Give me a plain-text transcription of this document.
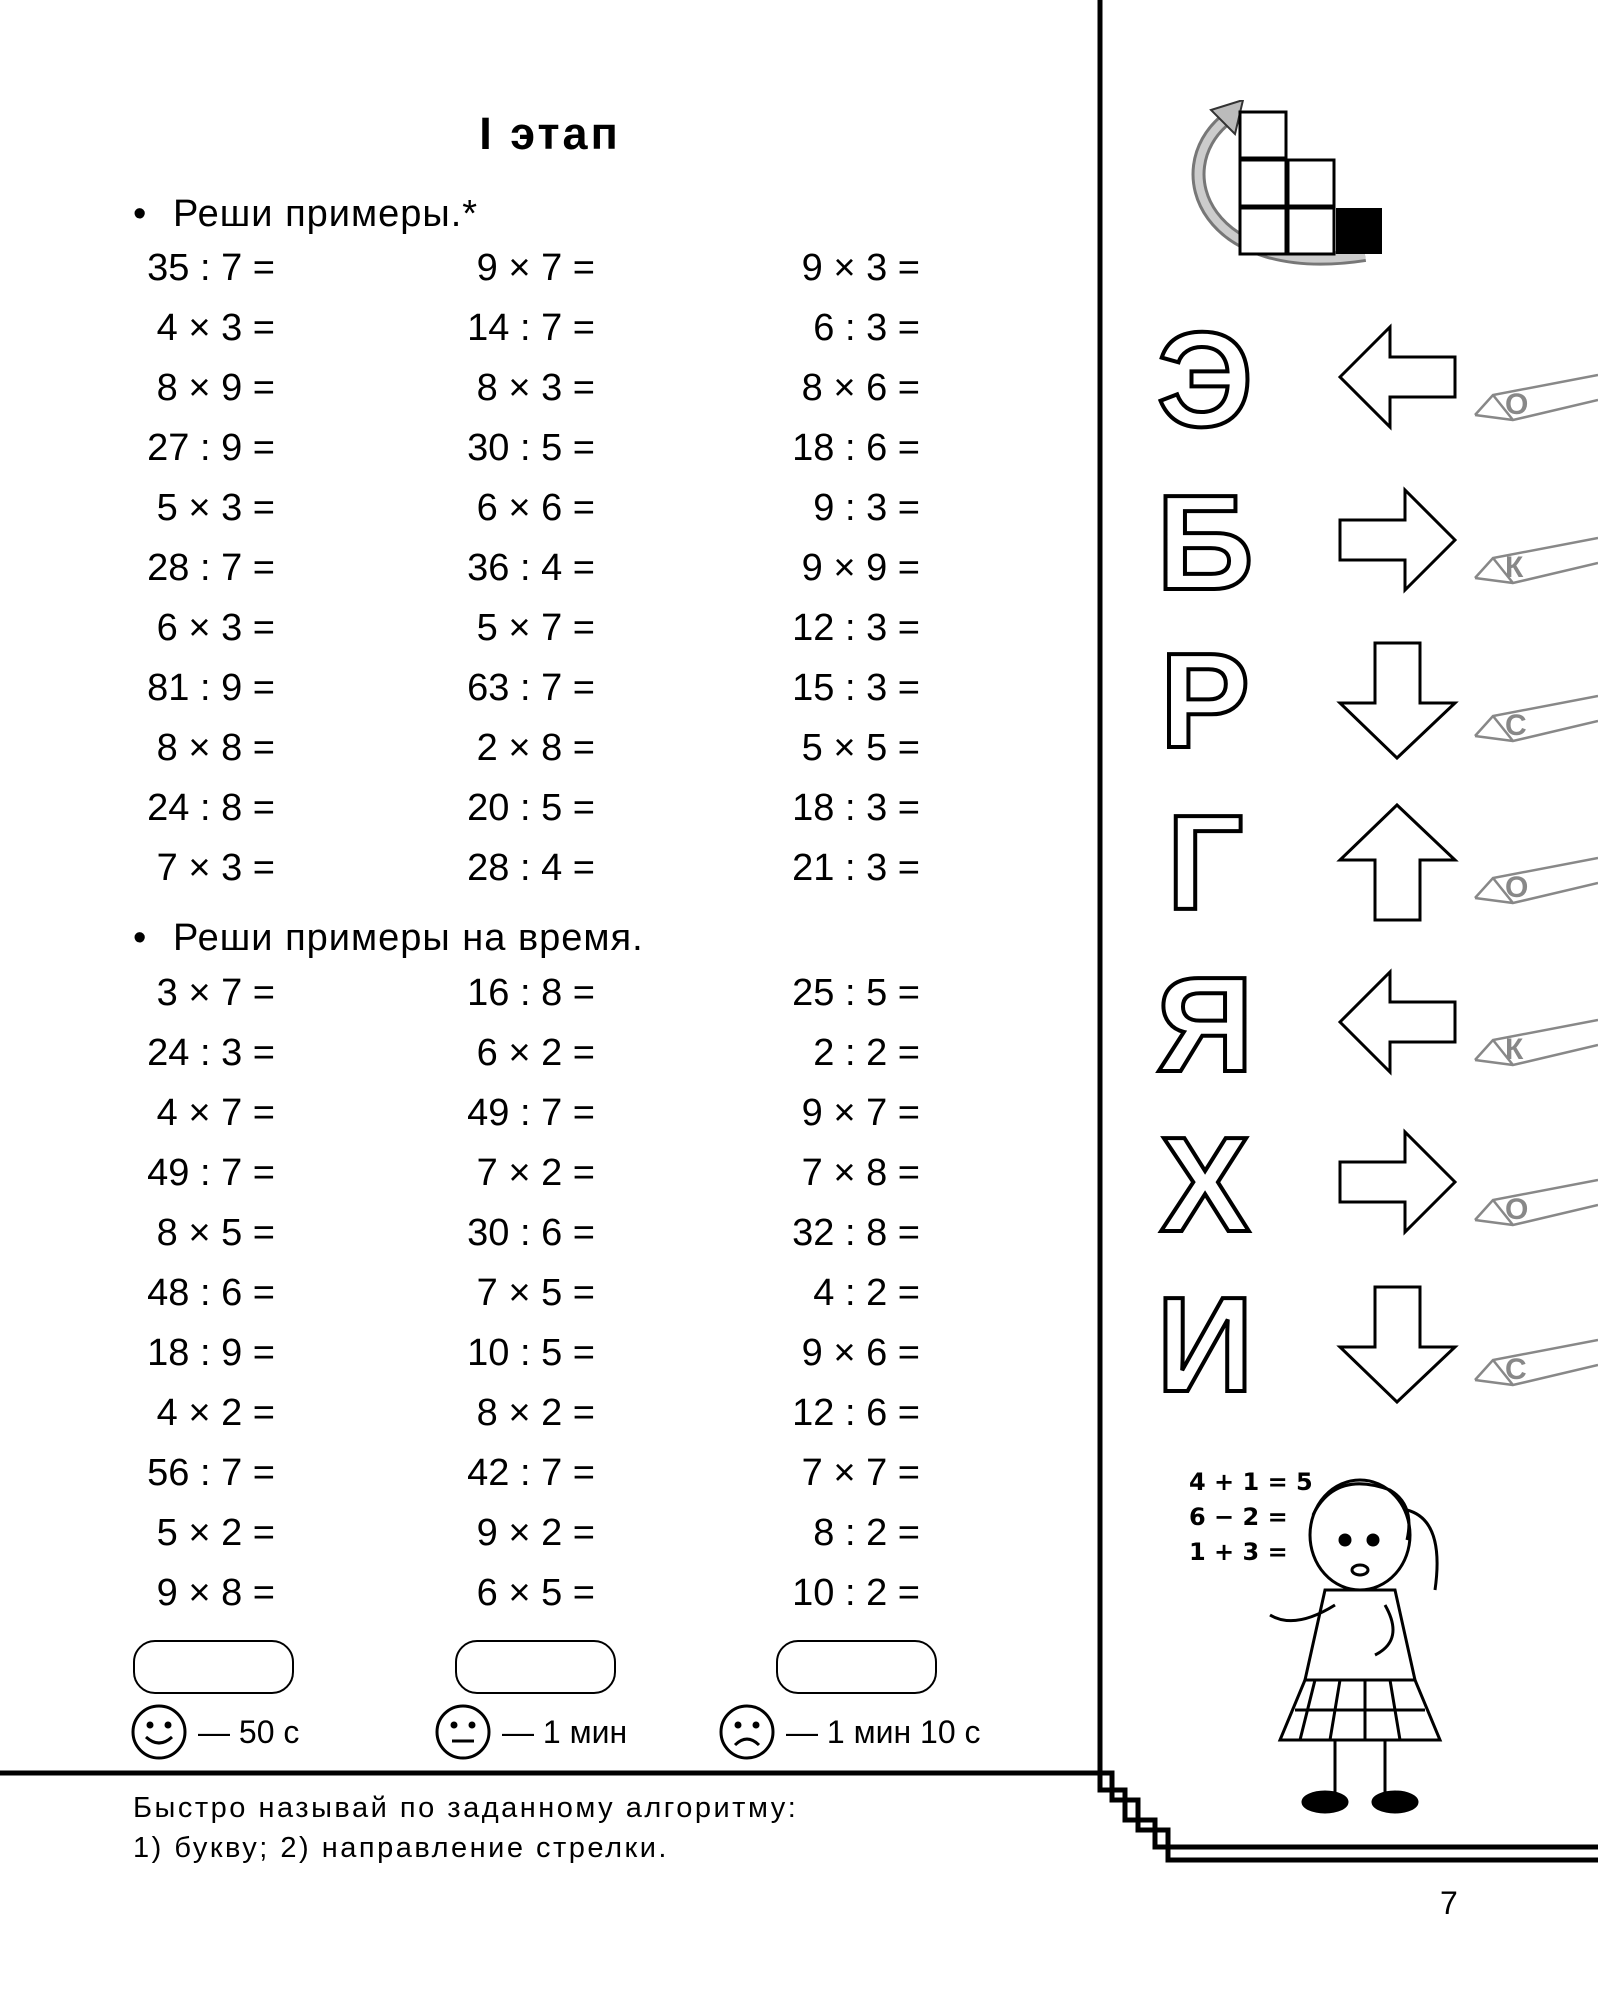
I этап
• Реши примеры.*
35 : 7 =	9 × 7 =	9 × 3 =
4 × 3 =	14 : 7 =	6 : 3 =
8 × 9 =	8 × 3 =	8 × 6 =
27 : 9 =	30 : 5 =	18 : 6 =
5 × 3 =	6 × 6 =	9 : 3 =
28 : 7 =	36 : 4 =	9 × 9 =
6 × 3 =	5 × 7 =	12 : 3 =
81 : 9 =	63 : 7 =	15 : 3 =
8 × 8 =	2 × 8 =	5 × 5 =
24 : 8 =	20 : 5 =	18 : 3 =
7 × 3 =	28 : 4 =	21 : 3 =
• Реши примеры на время.
3 × 7 =	16 : 8 =	25 : 5 =
24 : 3 =	6 × 2 =	2 : 2 =
4 × 7 =	49 : 7 =	9 × 7 =
49 : 7 =	7 × 2 =	7 × 8 =
8 × 5 =	30 : 6 =	32 : 8 =
48 : 6 =	7 × 5 =	4 : 2 =
18 : 9 =	10 : 5 =	9 × 6 =
4 × 2 =	8 × 2 =	12 : 6 =
56 : 7 =	42 : 7 =	7 × 7 =
5 × 2 =	9 × 2 =	8 : 2 =
9 × 8 =	6 × 5 =	10 : 2 =
— 50 с	— 1 мин	— 1 мин 10 с
Быстро называй по заданному алгоритму:
1) букву; 2) направление стрелки.
7
Э	О
Б	К
Р	С
Г	О
Я	К
Х	О
И	С
4 + 1 = 5
6 − 2 =
1 + 3 =
